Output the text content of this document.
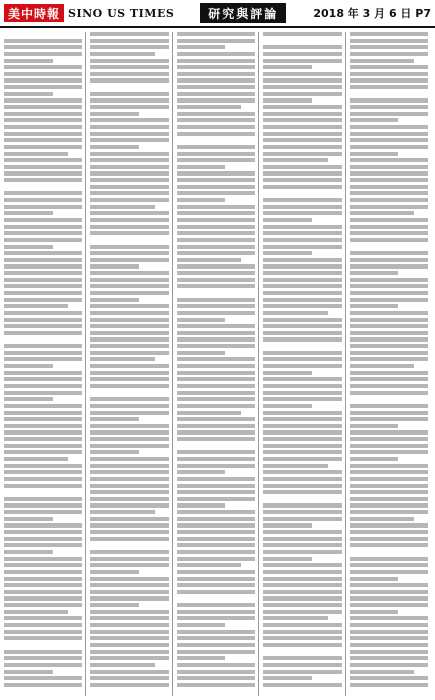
美中時報 SINO US TIMES	研究與評論	2018 年 3 月 6 日 P7
